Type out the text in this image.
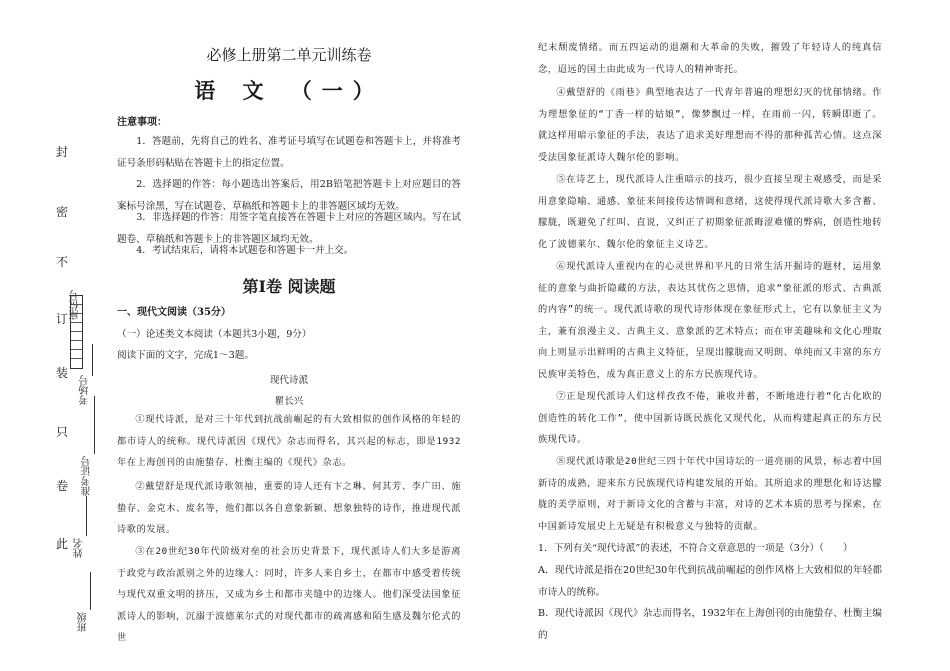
封
密
不
订
装
只
卷
此
座位号
考场号
准考证号
姓名
班级
必修上册第二单元训练卷
语 文 （一）
注意事项：
1．答题前，先将自己的姓名、准考证号填写在试题卷和答题卡上，并将准考证号条形码粘贴在答题卡上的指定位置。
2．选择题的作答：每小题选出答案后，用2B铅笔把答题卡上对应题目的答案标号涂黑，写在试题卷、草稿纸和答题卡上的非答题区域均无效。
3．非选择题的作答：用签字笔直接答在答题卡上对应的答题区域内。写在试题卷、草稿纸和答题卡上的非答题区域均无效。
4．考试结束后，请将本试题卷和答题卡一并上交。
第Ⅰ卷 阅读题
一、现代文阅读（35分）
（一）论述类文本阅读（本题共3小题，9分）
阅读下面的文字，完成1～3题。
现代诗派
瞿长兴
①现代诗派，是对三十年代到抗战前崛起的有大致相似的创作风格的年轻的都市诗人的统称。现代诗派因《现代》杂志而得名，其兴起的标志，即是1932年在上海创刊的由施蛰存、杜衡主编的《现代》杂志。
②戴望舒是现代派诗歌领袖，重要的诗人还有卞之琳、何其芳、李广田、施蛰存、金克木、废名等，他们都以各自意象新颖、想象独特的诗作，推进现代派诗歌的发展。
③在20世纪30年代阶级对垒的社会历史背景下，现代派诗人们大多是游离于政党与政治派别之外的边缘人：同时，许多人来自乡土，在都市中感受着传统与现代双重文明的挤压，又成为乡土和都市夹缝中的边缘人。他们深受法国象征派诗人的影响，沉溺于波德莱尔式的对现代都市的疏离感和陌生感及魏尔伦式的世
纪末颓废情绪。而五四运动的退潮和大革命的失败，摧毁了年轻诗人的纯真信念，迢远的国土由此成为一代诗人的精神寄托。
④戴望舒的《雨巷》典型地表达了一代青年普遍的理想幻灭的忧郁情绪。作为理想象征的“丁香一样的姑娘”，像梦飘过一样，在雨前一闪，转瞬即逝了。就这样用暗示象征的手法，表达了追求美好理想而不得的那种孤苦心情。这点深受法国象征派诗人魏尔伦的影响。
⑤在诗艺上，现代派诗人注重暗示的技巧，很少直接呈现主观感受，而是采用意象隐喻、通感、象征来间接传达情调和意绪，这使得现代派诗歌大多含蓄、朦胧，既避免了红叫、直说，又纠正了初期象征派晦涩难懂的弊病，创造性地转化了波德莱尔、魏尔伦的象征主义诗艺。
⑥现代派诗人重视内在的心灵世界和平凡的日常生活开掘诗的题材，运用象征的意象与曲折隐藏的方法，表达其忧伤之思情，追求“象征派的形式、古典派的内容”的统一。现代派诗歌的现代诗形体现在象征形式上，它有以象征主义为主，兼有浪漫主义、古典主义、意象派的艺术特点；而在审美趣味和文化心理取向上则显示出鲜明的古典主义特征，呈现出朦胧而又明朗、单纯而又丰富的东方民族审美特色，成为真正意义上的东方民族现代诗。
⑦正是现代派诗人们这样孜孜不倦，兼收并蓄，不断地进行着“化古化欧的创造性的转化工作”，使中国新诗既民族化又现代化，从而构建起真正的东方民族现代诗。
⑧现代派诗歌是20世纪三四十年代中国诗坛的一道亮丽的风景，标志着中国新诗的成熟，迎来东方民族现代诗构建发展的开始。其所追求的理想化和诗达朦胧的美学原则，对于新诗文化的含蓄与丰富，对诗的艺术本质的思考与探索，在中国新诗发展史上无疑是有积极意义与独特的贡献。
1．下列有关“现代诗派”的表述，不符合文章意思的一项是（3分）（　　）
A．现代诗派是指在20世纪30年代到抗战前崛起的创作风格上大致相似的年轻都市诗人的统称。
B．现代诗派因《现代》杂志而得名，1932年在上海创刊的由施蛰存、杜衡主编的
